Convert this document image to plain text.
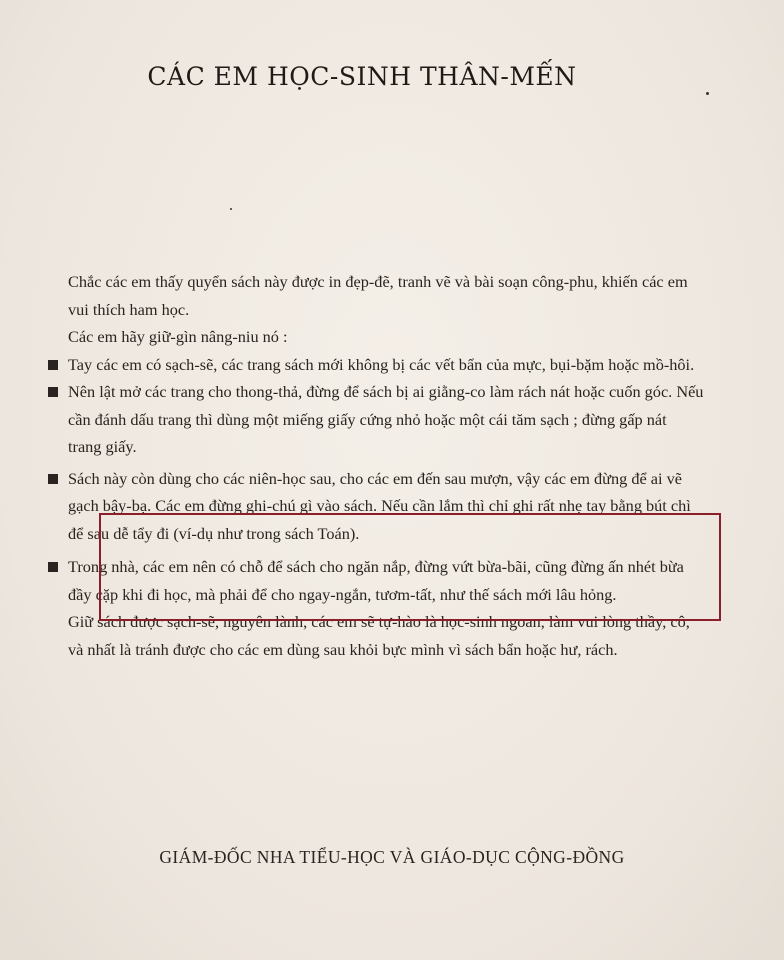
CÁC EM HỌC-SINH THÂN-MẾN
Chắc các em thấy quyển sách này được in đẹp-đẽ, tranh vẽ và bài soạn công-phu, khiến các em vui thích ham học.
Các em hãy giữ-gìn nâng-niu nó :
Tay các em có sạch-sẽ, các trang sách mới không bị các vết bẩn của mực, bụi-bặm hoặc mồ-hôi.
Nên lật mở các trang cho thong-thả, đừng để sách bị ai giằng-co làm rách nát hoặc cuốn góc. Nếu cần đánh dấu trang thì dùng một miếng giấy cứng nhỏ hoặc một cái tăm sạch ; đừng gấp nát trang giấy.
Sách này còn dùng cho các niên-học sau, cho các em đến sau mượn, vậy các em đừng để ai vẽ gạch bậy-bạ. Các em đừng ghi-chú gì vào sách. Nếu cần lắm thì chỉ ghi rất nhẹ tay bằng bút chì để sau dễ tẩy đi (ví-dụ như trong sách Toán).
Trong nhà, các em nên có chỗ để sách cho ngăn nắp, đừng vứt bừa-bãi, cũng đừng ấn nhét bừa đầy cặp khi đi học, mà phải để cho ngay-ngắn, tươm-tất, như thế sách mới lâu hỏng.
Giữ sách được sạch-sẽ, nguyên lành, các em sẽ tự-hào là học-sinh ngoan, làm vui lòng thầy, cô, và nhất là tránh được cho các em dùng sau khỏi bực mình vì sách bẩn hoặc hư, rách.
GIÁM-ĐỐC NHA TIỂU-HỌC VÀ GIÁO-DỤC CỘNG-ĐỒNG
